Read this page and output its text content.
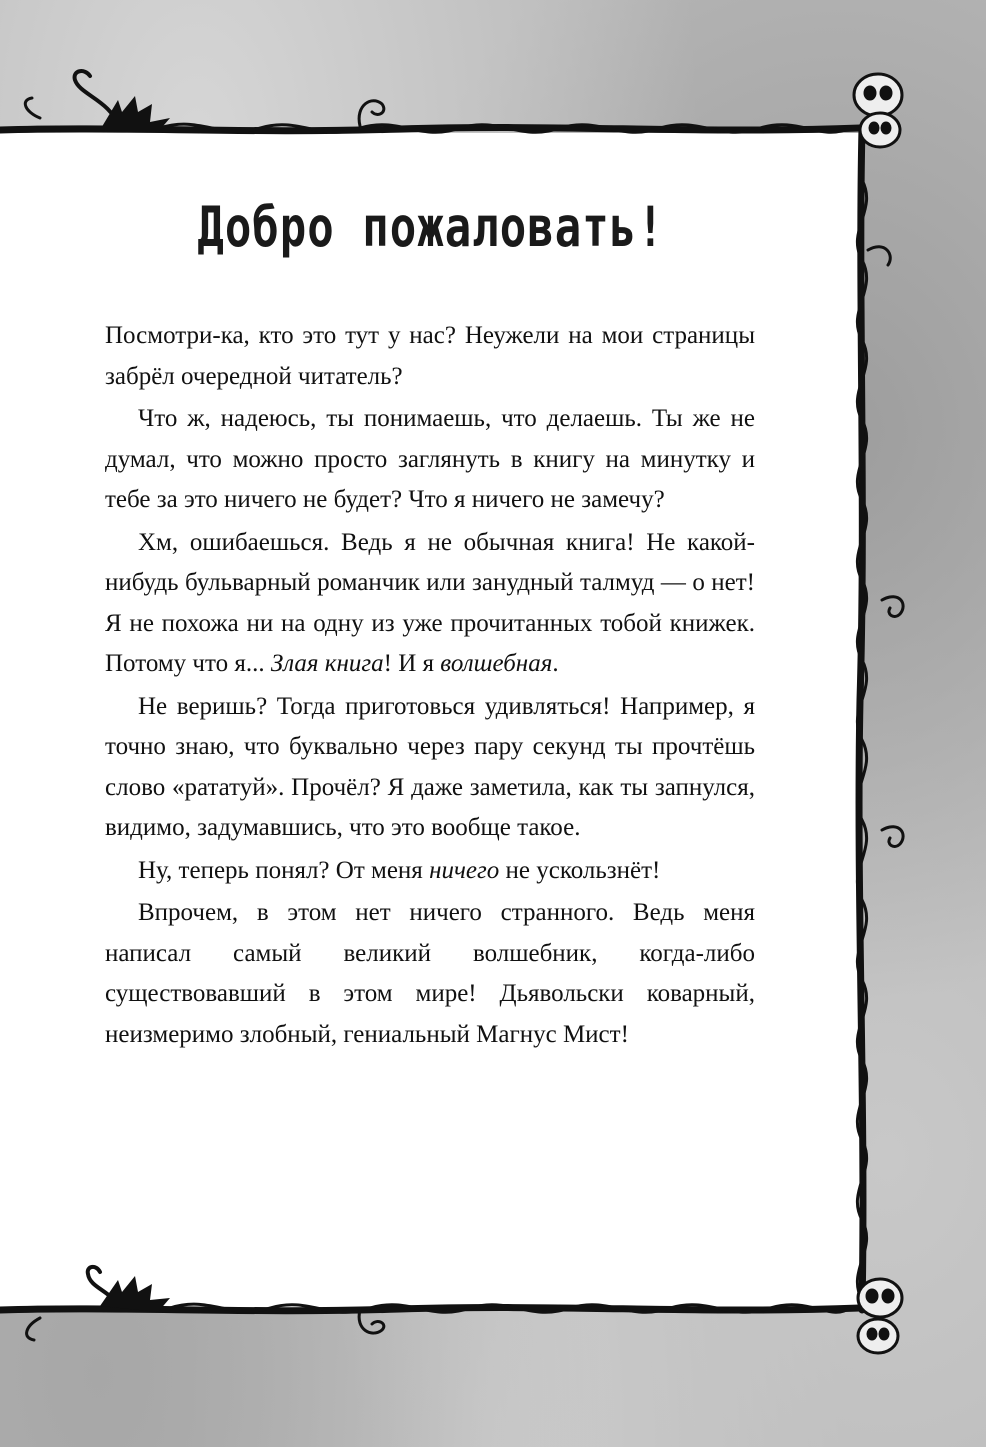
Добро пожаловать!

Посмотри-ка, кто это тут у нас? Неужели на мои страницы забрёл очередной читатель?

Что ж, надеюсь, ты понимаешь, что делаешь. Ты же не думал, что можно просто заглянуть в книгу на минутку и тебе за это ничего не будет? Что я ничего не замечу?

Хм, ошибаешься. Ведь я не обычная книга! Не какой-нибудь бульварный романчик или занудный талмуд — о нет! Я не похожа ни на одну из уже прочитанных тобой книжек. Потому что я... Злая книга! И я волшебная.

Не веришь? Тогда приготовься удивляться! Например, я точно знаю, что буквально через пару секунд ты прочтёшь слово «рататуй». Прочёл? Я даже заметила, как ты запнулся, видимо, задумавшись, что это вообще такое.

Ну, теперь понял? От меня ничего не ускользнёт!

Впрочем, в этом нет ничего странного. Ведь меня написал самый великий волшебник, когда-либо существовавший в этом мире! Дьявольски коварный, неизмеримо злобный, гениальный Магнус Мист!
